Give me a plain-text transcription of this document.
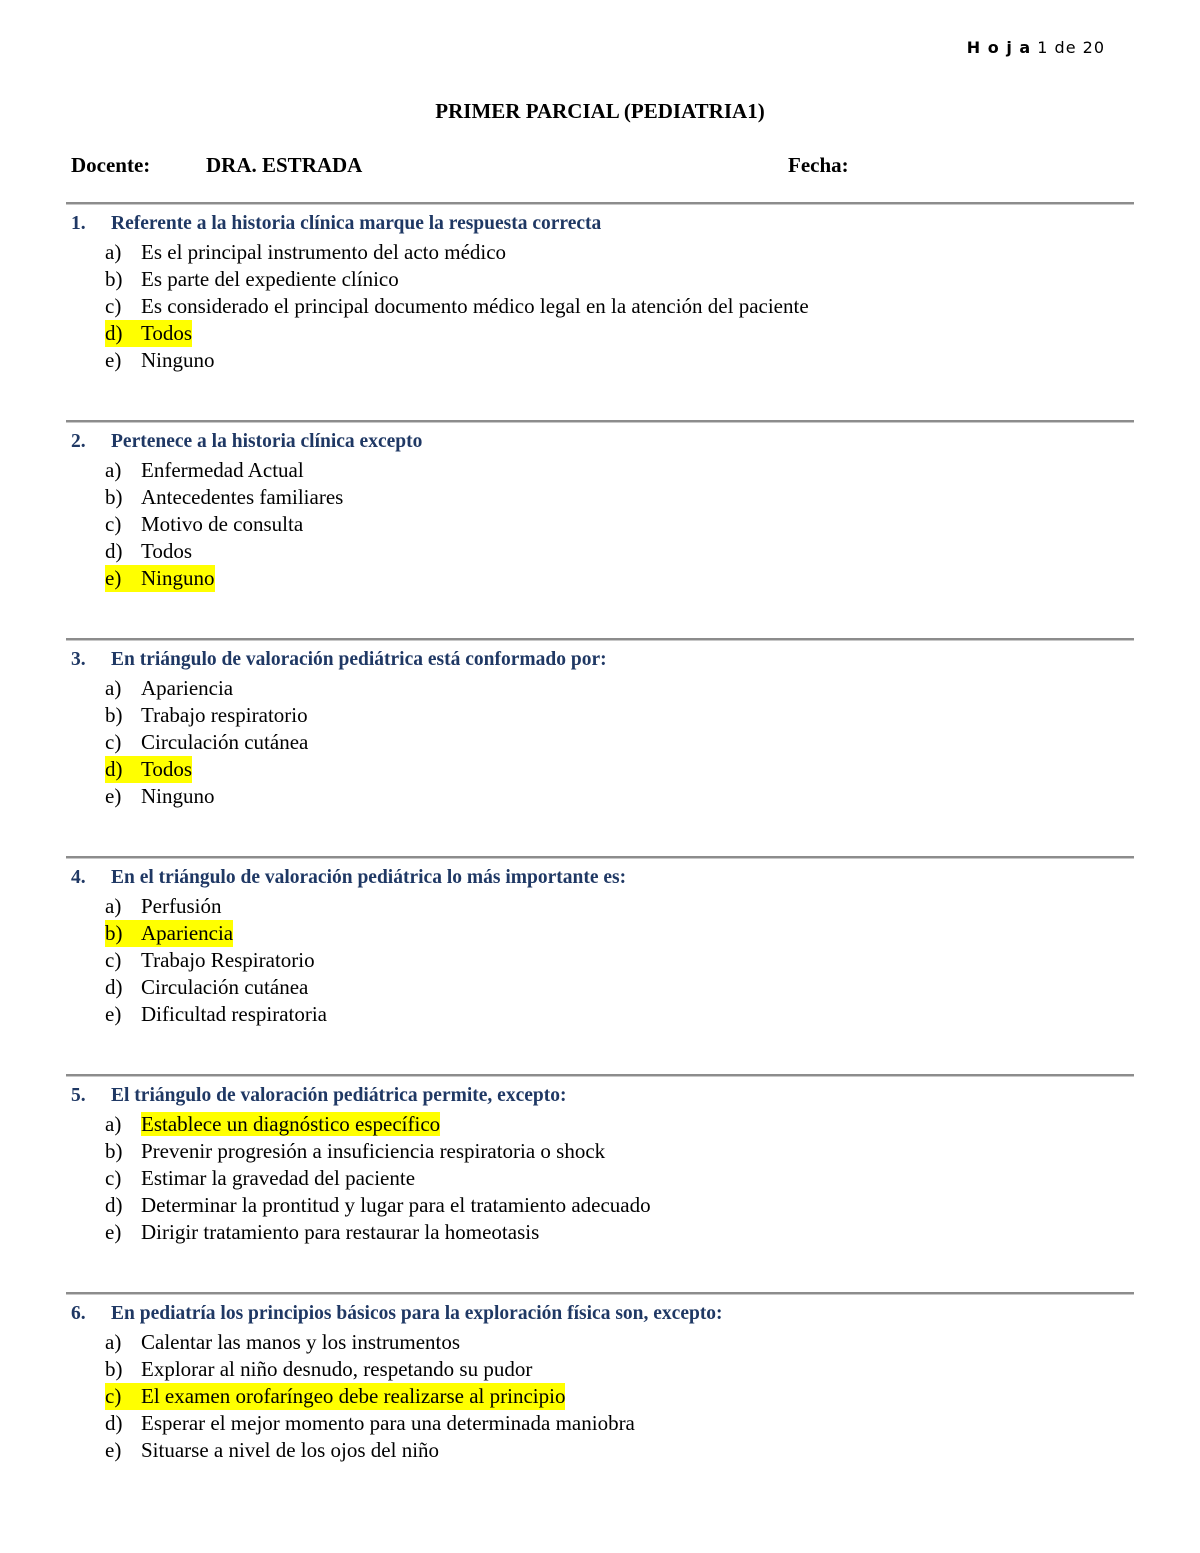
H o j a 1 de 20
PRIMER PARCIAL (PEDIATRIA1)
Docente:	DRA. ESTRADA	Fecha:
1. Referente a la historia clínica marque la respuesta correcta
a) Es el principal instrumento del acto médico
b) Es parte del expediente clínico
c) Es considerado el principal documento médico legal en la atención del paciente
d) Todos
e) Ninguno
2. Pertenece a la historia clínica excepto
a) Enfermedad Actual
b) Antecedentes familiares
c) Motivo de consulta
d) Todos
e) Ninguno
3. En triángulo de valoración pediátrica está conformado por:
a) Apariencia
b) Trabajo respiratorio
c) Circulación cutánea
d) Todos
e) Ninguno
4. En el triángulo de valoración pediátrica lo más importante es:
a) Perfusión
b) Apariencia
c) Trabajo Respiratorio
d) Circulación cutánea
e) Dificultad respiratoria
5. El triángulo de valoración pediátrica permite, excepto:
a) Establece un diagnóstico específico
b) Prevenir progresión a insuficiencia respiratoria o shock
c) Estimar la gravedad del paciente
d) Determinar la prontitud y lugar para el tratamiento adecuado
e) Dirigir tratamiento para restaurar la homeotasis
6. En pediatría los principios básicos para la exploración física son, excepto:
a) Calentar las manos y los instrumentos
b) Explorar al niño desnudo, respetando su pudor
c) El examen orofaríngeo debe realizarse al principio
d) Esperar el mejor momento para una determinada maniobra
e) Situarse a nivel de los ojos del niño
